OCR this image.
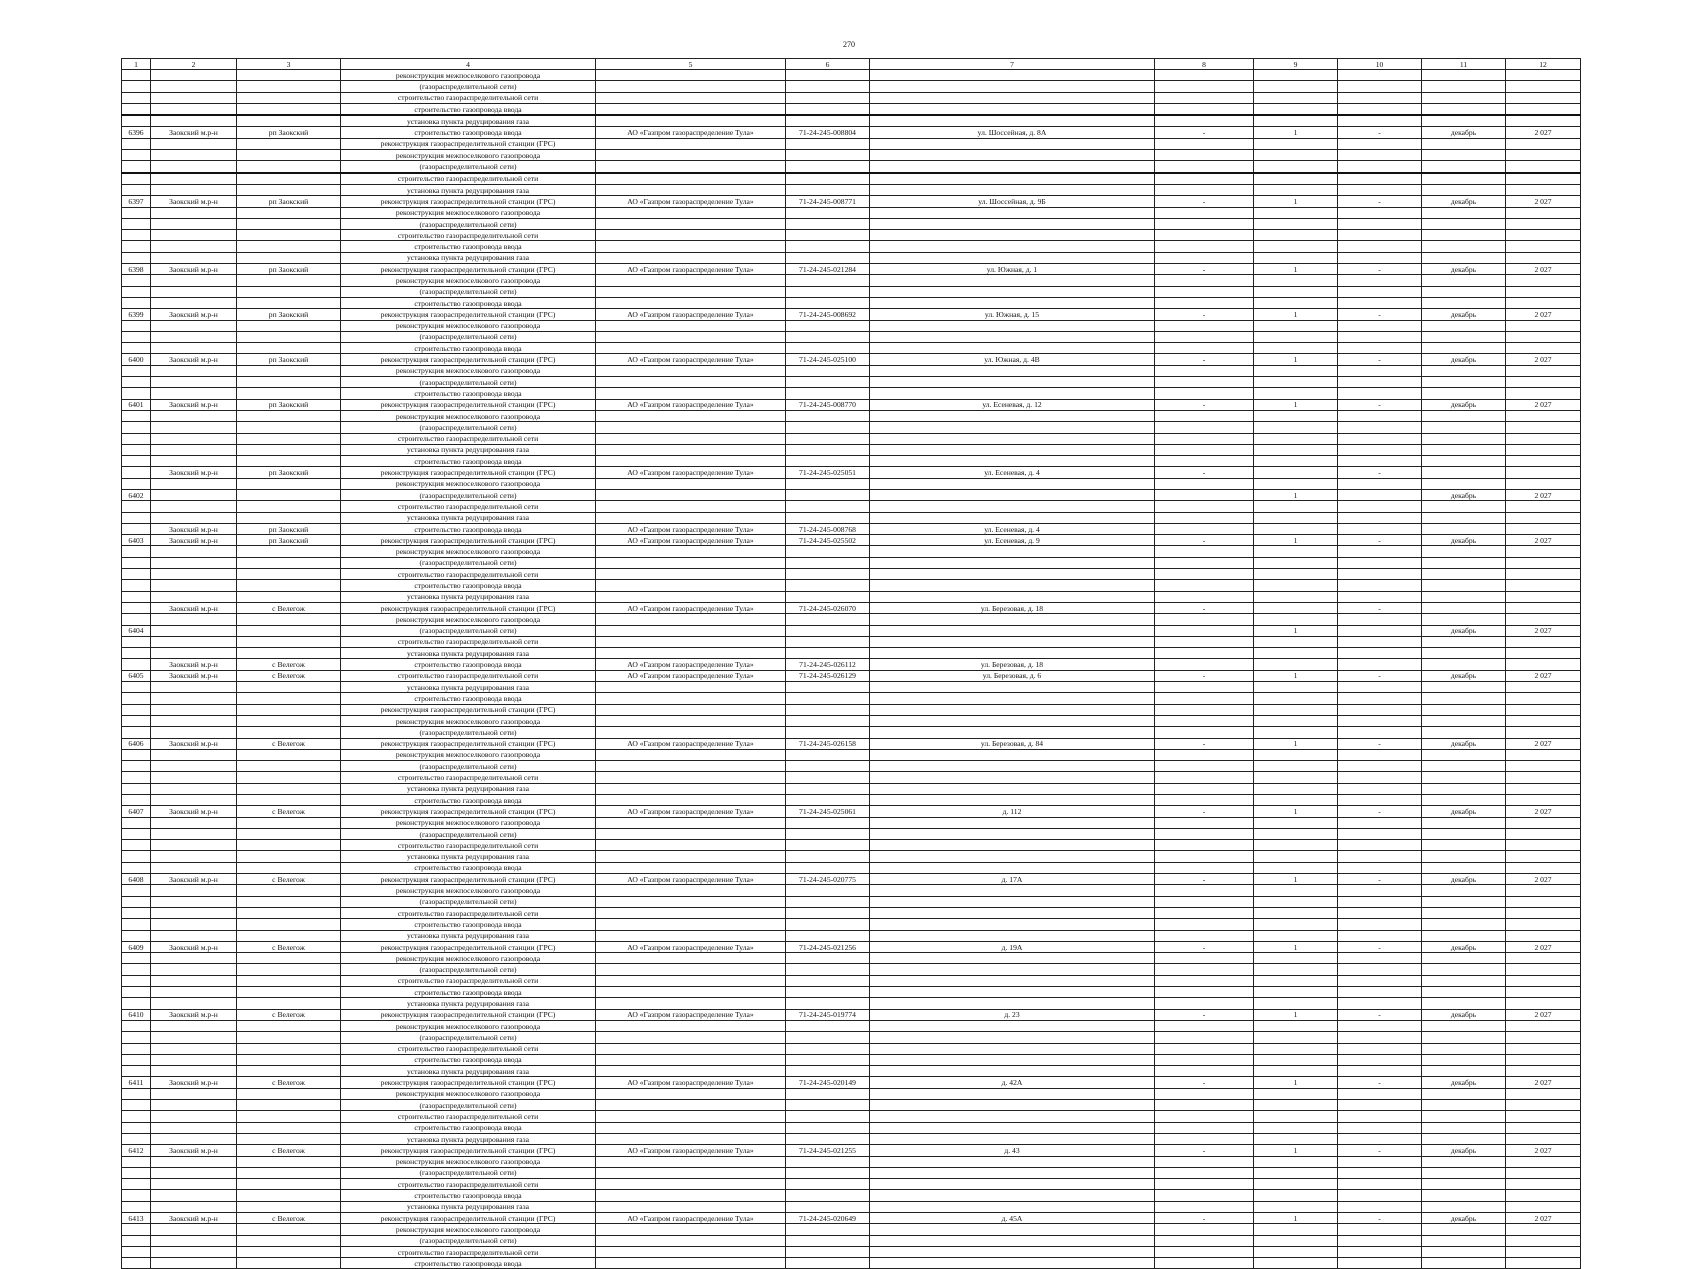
270
1	2	3	4	5	6	7	8	9	10	11	12
			реконструкция межпоселкового газопровода								
			(газораспределительной сети)								
			строительство газораспределительной сети								
			строительство газопровода ввода								
			установка пункта редуцирования газа								
6396	Заокский м.р-н	рп Заокский	строительство газопровода ввода	АО «Газпром газораспределение Тула»	71-24-245-008804	ул. Шоссейная, д. 8А	-	1	-	декабрь	2 027
			реконструкция газораспределительной станции (ГРС)								
			реконструкция межпоселкового газопровода								
			(газораспределительной сети)								
			строительство газораспределительной сети								
			установка пункта редуцирования газа								
6397	Заокский м.р-н	рп Заокский	реконструкция газораспределительной станции (ГРС)	АО «Газпром газораспределение Тула»	71-24-245-008771	ул. Шоссейная, д. 9Б	-	1	-	декабрь	2 027
			реконструкция межпоселкового газопровода								
			(газораспределительной сети)								
			строительство газораспределительной сети								
			строительство газопровода ввода								
			установка пункта редуцирования газа								
6398	Заокский м.р-н	рп Заокский	реконструкция газораспределительной станции (ГРС)	АО «Газпром газораспределение Тула»	71-24-245-021284	ул. Южная, д. 1	-	1	-	декабрь	2 027
			реконструкция межпоселкового газопровода								
			(газораспределительной сети)								
			строительство газопровода ввода								
6399	Заокский м.р-н	рп Заокский	реконструкция газораспределительной станции (ГРС)	АО «Газпром газораспределение Тула»	71-24-245-008692	ул. Южная, д. 15	-	1	-	декабрь	2 027
			реконструкция межпоселкового газопровода								
			(газораспределительной сети)								
			строительство газопровода ввода								
6400	Заокский м.р-н	рп Заокский	реконструкция газораспределительной станции (ГРС)	АО «Газпром газораспределение Тула»	71-24-245-025100	ул. Южная, д. 4В	-	1	-	декабрь	2 027
			реконструкция межпоселкового газопровода								
			(газораспределительной сети)								
			строительство газопровода ввода								
6401	Заокский м.р-н	рп Заокский	реконструкция газораспределительной станции (ГРС)	АО «Газпром газораспределение Тула»	71-24-245-008770	ул. Есеневая, д. 12	-	1	-	декабрь	2 027
			реконструкция межпоселкового газопровода								
			(газораспределительной сети)								
			строительство газораспределительной сети								
			установка пункта редуцирования газа								
			строительство газопровода ввода								
	Заокский м.р-н	рп Заокский	реконструкция газораспределительной станции (ГРС)	АО «Газпром газораспределение Тула»	71-24-245-025051	ул. Есеневая, д. 4	-		-		
			реконструкция межпоселкового газопровода								
6402			(газораспределительной сети)					1		декабрь	2 027
			строительство газораспределительной сети								
			установка пункта редуцирования газа								
	Заокский м.р-н	рп Заокский	строительство газопровода ввода	АО «Газпром газораспределение Тула»	71-24-245-008768	ул. Есеневая, д. 4					
6403	Заокский м.р-н	рп Заокский	реконструкция газораспределительной станции (ГРС)	АО «Газпром газораспределение Тула»	71-24-245-025502	ул. Есеневая, д. 9	-	1	-	декабрь	2 027
			реконструкция межпоселкового газопровода								
			(газораспределительной сети)								
			строительство газораспределительной сети								
			строительство газопровода ввода								
			установка пункта редуцирования газа								
	Заокский м.р-н	с Велегож	реконструкция газораспределительной станции (ГРС)	АО «Газпром газораспределение Тула»	71-24-245-026070	ул. Березовая, д. 18	-		-		
			реконструкция межпоселкового газопровода								
6404			(газораспределительной сети)					1		декабрь	2 027
			строительство газораспределительной сети								
			установка пункта редуцирования газа								
	Заокский м.р-н	с Велегож	строительство газопровода ввода	АО «Газпром газораспределение Тула»	71-24-245-026112	ул. Березовая, д. 18					
6405	Заокский м.р-н	с Велегож	строительство газораспределительной сети	АО «Газпром газораспределение Тула»	71-24-245-026129	ул. Березовая, д. 6	-	1	-	декабрь	2 027
			установка пункта редуцирования газа								
			строительство газопровода ввода								
			реконструкция газораспределительной станции (ГРС)								
			реконструкция межпоселкового газопровода								
			(газораспределительной сети)								
6406	Заокский м.р-н	с Велегож	реконструкция газораспределительной станции (ГРС)	АО «Газпром газораспределение Тула»	71-24-245-026158	ул. Березовая, д. 84	-	1	-	декабрь	2 027
			реконструкция межпоселкового газопровода								
			(газораспределительной сети)								
			строительство газораспределительной сети								
			установка пункта редуцирования газа								
			строительство газопровода ввода								
6407	Заокский м.р-н	с Велегож	реконструкция газораспределительной станции (ГРС)	АО «Газпром газораспределение Тула»	71-24-245-025061	д. 112	-	1	-	декабрь	2 027
			реконструкция межпоселкового газопровода								
			(газораспределительной сети)								
			строительство газораспределительной сети								
			установка пункта редуцирования газа								
			строительство газопровода ввода								
6408	Заокский м.р-н	с Велегож	реконструкция газораспределительной станции (ГРС)	АО «Газпром газораспределение Тула»	71-24-245-020775	д. 17А	-	1	-	декабрь	2 027
			реконструкция межпоселкового газопровода								
			(газораспределительной сети)								
			строительство газораспределительной сети								
			строительство газопровода ввода								
			установка пункта редуцирования газа								
6409	Заокский м.р-н	с Велегож	реконструкция газораспределительной станции (ГРС)	АО «Газпром газораспределение Тула»	71-24-245-021256	д. 19А	-	1	-	декабрь	2 027
			реконструкция межпоселкового газопровода								
			(газораспределительной сети)								
			строительство газораспределительной сети								
			строительство газопровода ввода								
			установка пункта редуцирования газа								
6410	Заокский м.р-н	с Велегож	реконструкция газораспределительной станции (ГРС)	АО «Газпром газораспределение Тула»	71-24-245-019774	д. 23	-	1	-	декабрь	2 027
			реконструкция межпоселкового газопровода								
			(газораспределительной сети)								
			строительство газораспределительной сети								
			строительство газопровода ввода								
			установка пункта редуцирования газа								
6411	Заокский м.р-н	с Велегож	реконструкция газораспределительной станции (ГРС)	АО «Газпром газораспределение Тула»	71-24-245-020149	д. 42А	-	1	-	декабрь	2 027
			реконструкция межпоселкового газопровода								
			(газораспределительной сети)								
			строительство газораспределительной сети								
			строительство газопровода ввода								
			установка пункта редуцирования газа								
6412	Заокский м.р-н	с Велегож	реконструкция газораспределительной станции (ГРС)	АО «Газпром газораспределение Тула»	71-24-245-021255	д. 43	-	1	-	декабрь	2 027
			реконструкция межпоселкового газопровода								
			(газораспределительной сети)								
			строительство газораспределительной сети								
			строительство газопровода ввода								
			установка пункта редуцирования газа								
6413	Заокский м.р-н	с Велегож	реконструкция газораспределительной станции (ГРС)	АО «Газпром газораспределение Тула»	71-24-245-020649	д. 45А	-	1	-	декабрь	2 027
			реконструкция межпоселкового газопровода								
			(газораспределительной сети)								
			строительство газораспределительной сети								
			строительство газопровода ввода								
